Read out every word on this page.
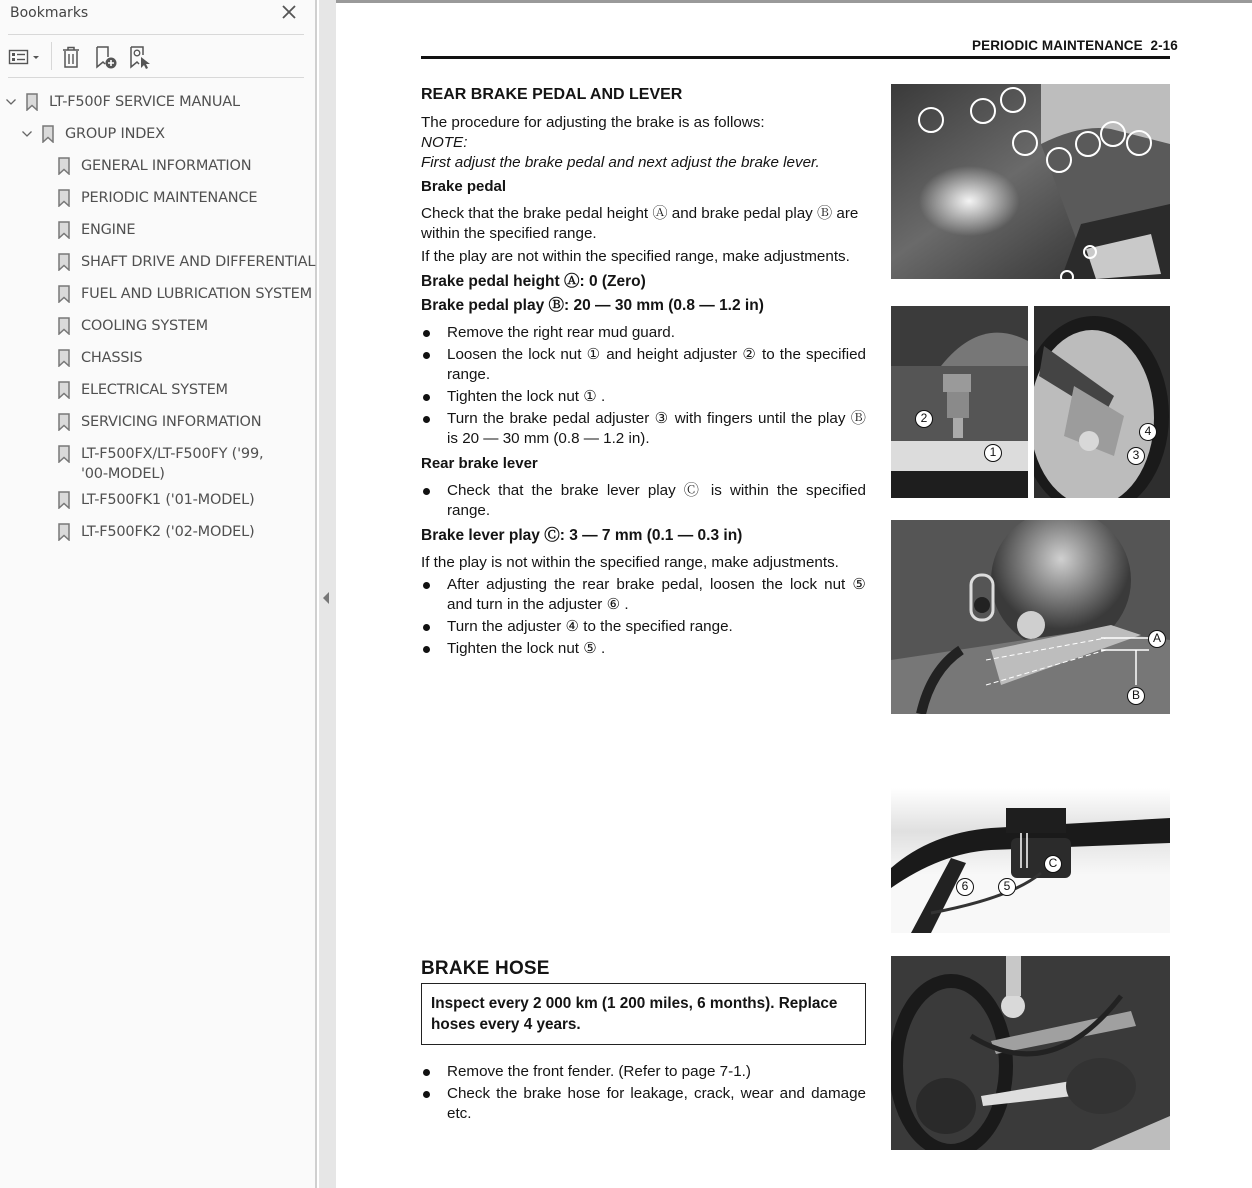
Bookmarks
LT-F500F SERVICE MANUAL
GROUP INDEX
GENERAL INFORMATION
PERIODIC MAINTENANCE
ENGINE
SHAFT DRIVE AND DIFFERENTIAL
FUEL AND LUBRICATION SYSTEM
COOLING SYSTEM
CHASSIS
ELECTRICAL SYSTEM
SERVICING INFORMATION
LT-F500FX/LT-F500FY ('99,
'00-MODEL)
LT-F500FK1 ('01-MODEL)
LT-F500FK2 ('02-MODEL)
PERIODIC MAINTENANCE  2-16
REAR BRAKE PEDAL AND LEVER
The procedure for adjusting the brake is as follows:
NOTE:
First adjust the brake pedal and next adjust the brake lever.
Brake pedal
Check that the brake pedal height Ⓐ and brake pedal play Ⓑ are within the specified range.
If the play are not within the specified range, make adjustments.
Brake pedal height Ⓐ: 0 (Zero)
Brake pedal play Ⓑ: 20 — 30 mm (0.8 — 1.2 in)
Remove the right rear mud guard.
Loosen the lock nut ① and height adjuster ② to the specified range.
Tighten the lock nut ① .
Turn the brake pedal adjuster ③ with fingers until the play Ⓑ is 20 — 30 mm (0.8 — 1.2 in).
Rear brake lever
Check that the brake lever play Ⓒ is within the specified range.
Brake lever play Ⓒ: 3 — 7 mm (0.1 — 0.3 in)
If the play is not within the specified range, make adjustments.
After adjusting the rear brake pedal, loosen the lock nut ⑤ and turn in the adjuster ⑥ .
Turn the adjuster ④ to the specified range.
Tighten the lock nut ⑤ .
BRAKE HOSE
Inspect every 2 000 km (1 200 miles, 6 months). Replace hoses every 4 years.
Remove the front fender. (Refer to page 7-1.)
Check the brake hose for leakage, crack, wear and damage etc.
2
1
4
3
A
B
6	5
C
